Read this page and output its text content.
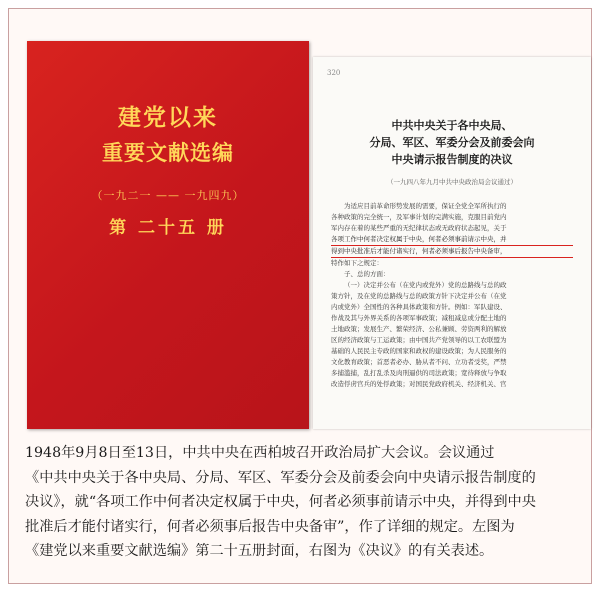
建党以来
重要文献选编
（一九二一 —— 一九四九）
第 二十五 册
320
中共中央关于各中央局、
分局、军区、军委分会及前委会向
中央请示报告制度的决议
（一九四八年九月中共中央政治局会议通过）
为适应目前革命形势发展的需要，保证全党全军所执行的
各种政策的完全统一，及军事计划的完满实施，克服目前党内
军内存在着的某些严重的无纪律状态或无政府状态起见，关于
各项工作中何者决定权属于中央，何者必须事前请示中央，并
得到中央批准后才能付诸实行，何者必须事后报告中央备审，
特作如下之规定：
子、总的方面：
（一）决定并公布（在党内或党外）党的总路线与总的政
策方针，及在党的总路线与总的政策方针下决定并公布（在党
内或党外）全国性的各种具体政策和方针。例如：军队建设、
作战及其与外界关系的各项军事政策；减租减息或分配土地的
土地政策；发展生产、繁荣经济、公私兼顾、劳资两利的解放
区的经济政策与工运政策；由中国共产党领导的以工农联盟为
基础的人民民主专政的国家和政权的建设政策；为人民服务的
文化教育政策；首恶者必办、胁从者不问、立功者受奖，严禁
多捕滥捕，乱打乱杀及肉刑逼供的司法政策；宽待释放与争取
改造俘虏官兵的处俘政策；对国民党政府机关、经济机关、官
1948年9月8日至13日，中共中央在西柏坡召开政治局扩大会议。会议通过
《中共中央关于各中央局、分局、军区、军委分会及前委会向中央请示报告制度的
决议》，就“各项工作中何者决定权属于中央，何者必须事前请示中央，并得到中央
批准后才能付诸实行，何者必须事后报告中央备审”，作了详细的规定。左图为
《建党以来重要文献选编》第二十五册封面，右图为《决议》的有关表述。
